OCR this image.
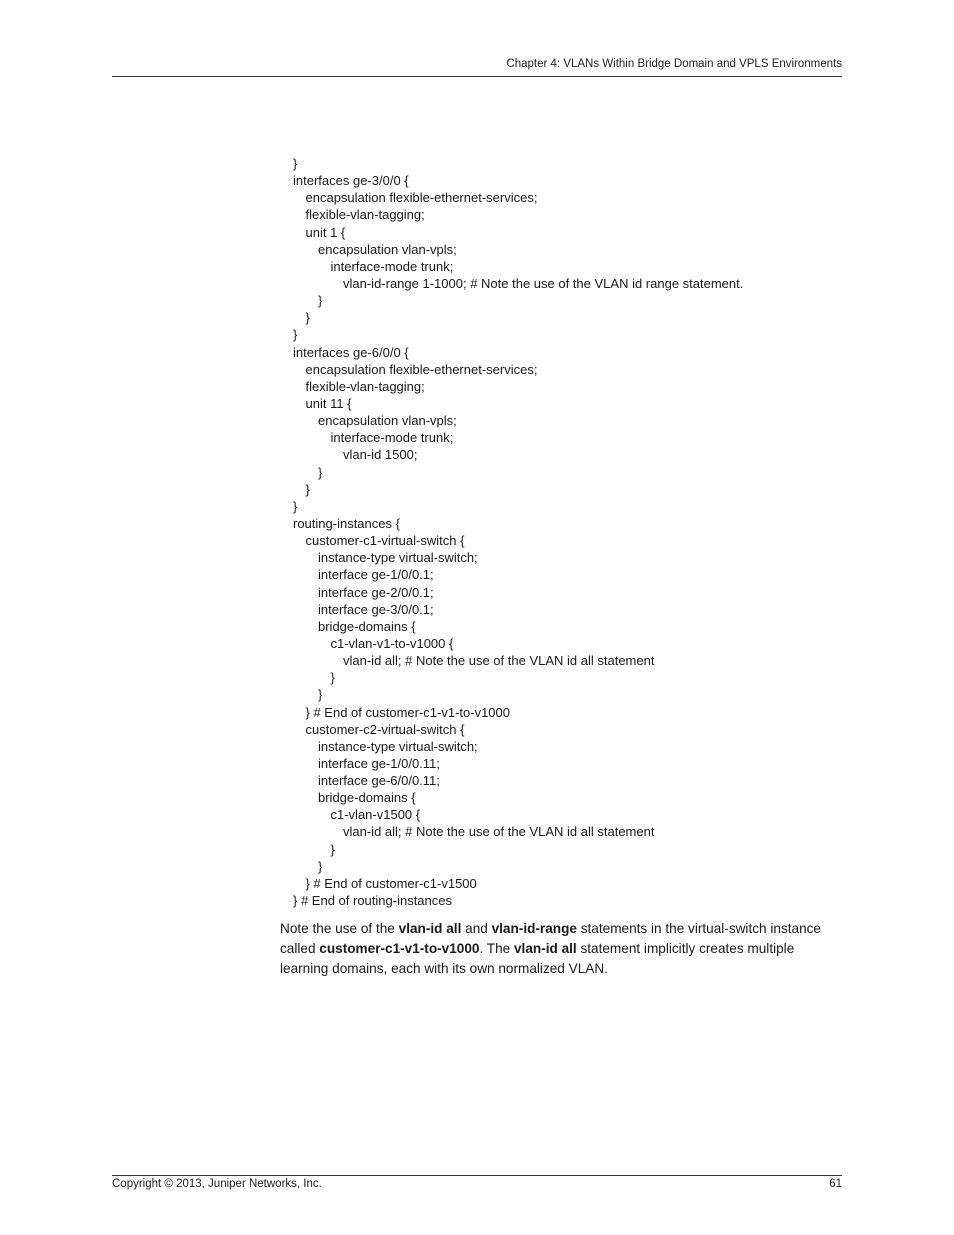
Chapter 4: VLANs Within Bridge Domain and VPLS Environments
}
interfaces ge-3/0/0 {
encapsulation flexible-ethernet-services;
flexible-vlan-tagging;
unit 1 {
encapsulation vlan-vpls;
interface-mode trunk;
vlan-id-range 1-1000; # Note the use of the VLAN id range statement.
}
}
}
interfaces ge-6/0/0 {
encapsulation flexible-ethernet-services;
flexible-vlan-tagging;
unit 11 {
encapsulation vlan-vpls;
interface-mode trunk;
vlan-id 1500;
}
}
}
routing-instances {
customer-c1-virtual-switch {
instance-type virtual-switch;
interface ge-1/0/0.1;
interface ge-2/0/0.1;
interface ge-3/0/0.1;
bridge-domains {
c1-vlan-v1-to-v1000 {
vlan-id all; # Note the use of the VLAN id all statement
}
}
} # End of customer-c1-v1-to-v1000
customer-c2-virtual-switch {
instance-type virtual-switch;
interface ge-1/0/0.11;
interface ge-6/0/0.11;
bridge-domains {
c1-vlan-v1500 {
vlan-id all; # Note the use of the VLAN id all statement
}
}
} # End of customer-c1-v1500
} # End of routing-instances
Note the use of the vlan-id all and vlan-id-range statements in the virtual-switch instance called customer-c1-v1-to-v1000. The vlan-id all statement implicitly creates multiple learning domains, each with its own normalized VLAN.
Copyright © 2013, Juniper Networks, Inc.	61
